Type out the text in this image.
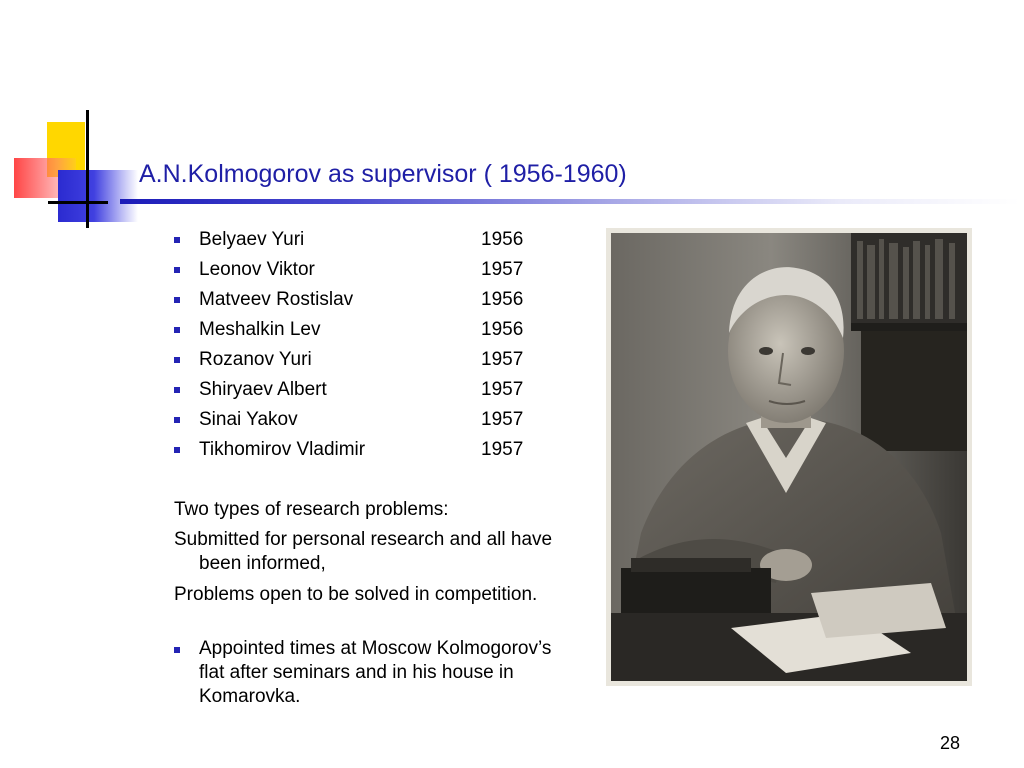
A.N.Kolmogorov as supervisor ( 1956-1960)
Belyaev Yuri	1956
Leonov Viktor	1957
Matveev Rostislav	1956
Meshalkin Lev	1956
Rozanov Yuri	1957
Shiryaev Albert	1957
Sinai Yakov	1957
Tikhomirov Vladimir	1957

Two types of research problems:

Submitted for personal research and all have been informed,

Problems open to be solved in competition.

Appointed times at Moscow Kolmogorov’s flat after seminars and in his house in Komarovka.
28
